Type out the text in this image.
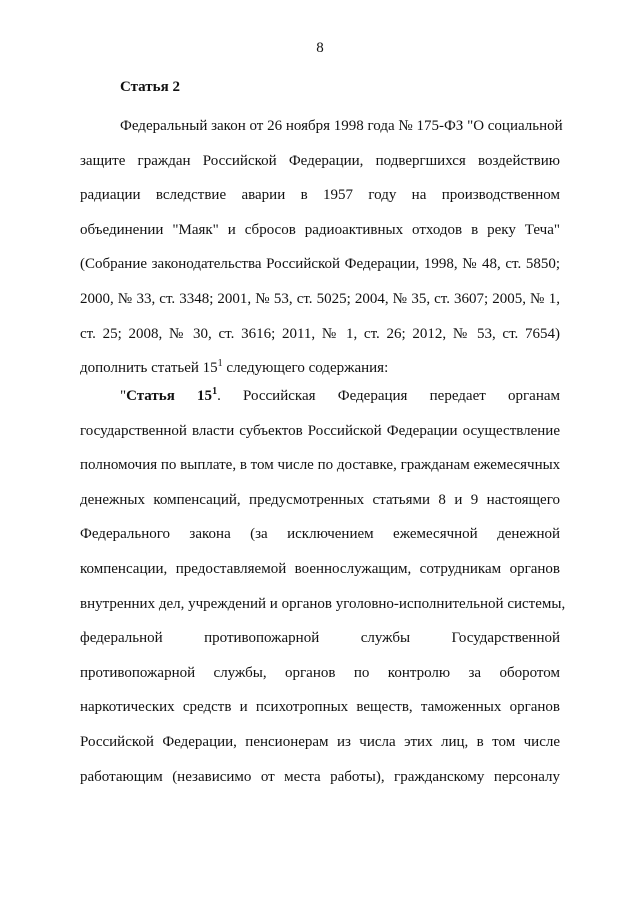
8
Статья 2
Федеральный закон от 26 ноября 1998 года № 175-ФЗ "О социальной
защите граждан Российской Федерации, подвергшихся воздействию
радиации вследствие аварии в 1957 году на производственном
объединении "Маяк" и сбросов радиоактивных отходов в реку Теча"
(Собрание законодательства Российской Федерации, 1998, № 48, ст. 5850;
2000, № 33, ст. 3348; 2001, № 53, ст. 5025; 2004, № 35, ст. 3607; 2005, № 1,
ст. 25; 2008, № 30, ст. 3616; 2011, № 1, ст. 26; 2012, № 53, ст. 7654)
дополнить статьей $15^1$ следующего содержания:
"Статья $15^1$. Российская Федерация передает органам
государственной власти субъектов Российской Федерации осуществление
полномочия по выплате, в том числе по доставке, гражданам ежемесячных
денежных компенсаций, предусмотренных статьями 8 и 9 настоящего
Федерального закона (за исключением ежемесячной денежной
компенсации, предоставляемой военнослужащим, сотрудникам органов
внутренних дел, учреждений и органов уголовно-исполнительной системы,
федеральной противопожарной службы Государственной
противопожарной службы, органов по контролю за оборотом
наркотических средств и психотропных веществ, таможенных органов
Российской Федерации, пенсионерам из числа этих лиц, в том числе
работающим (независимо от места работы), гражданскому персоналу
